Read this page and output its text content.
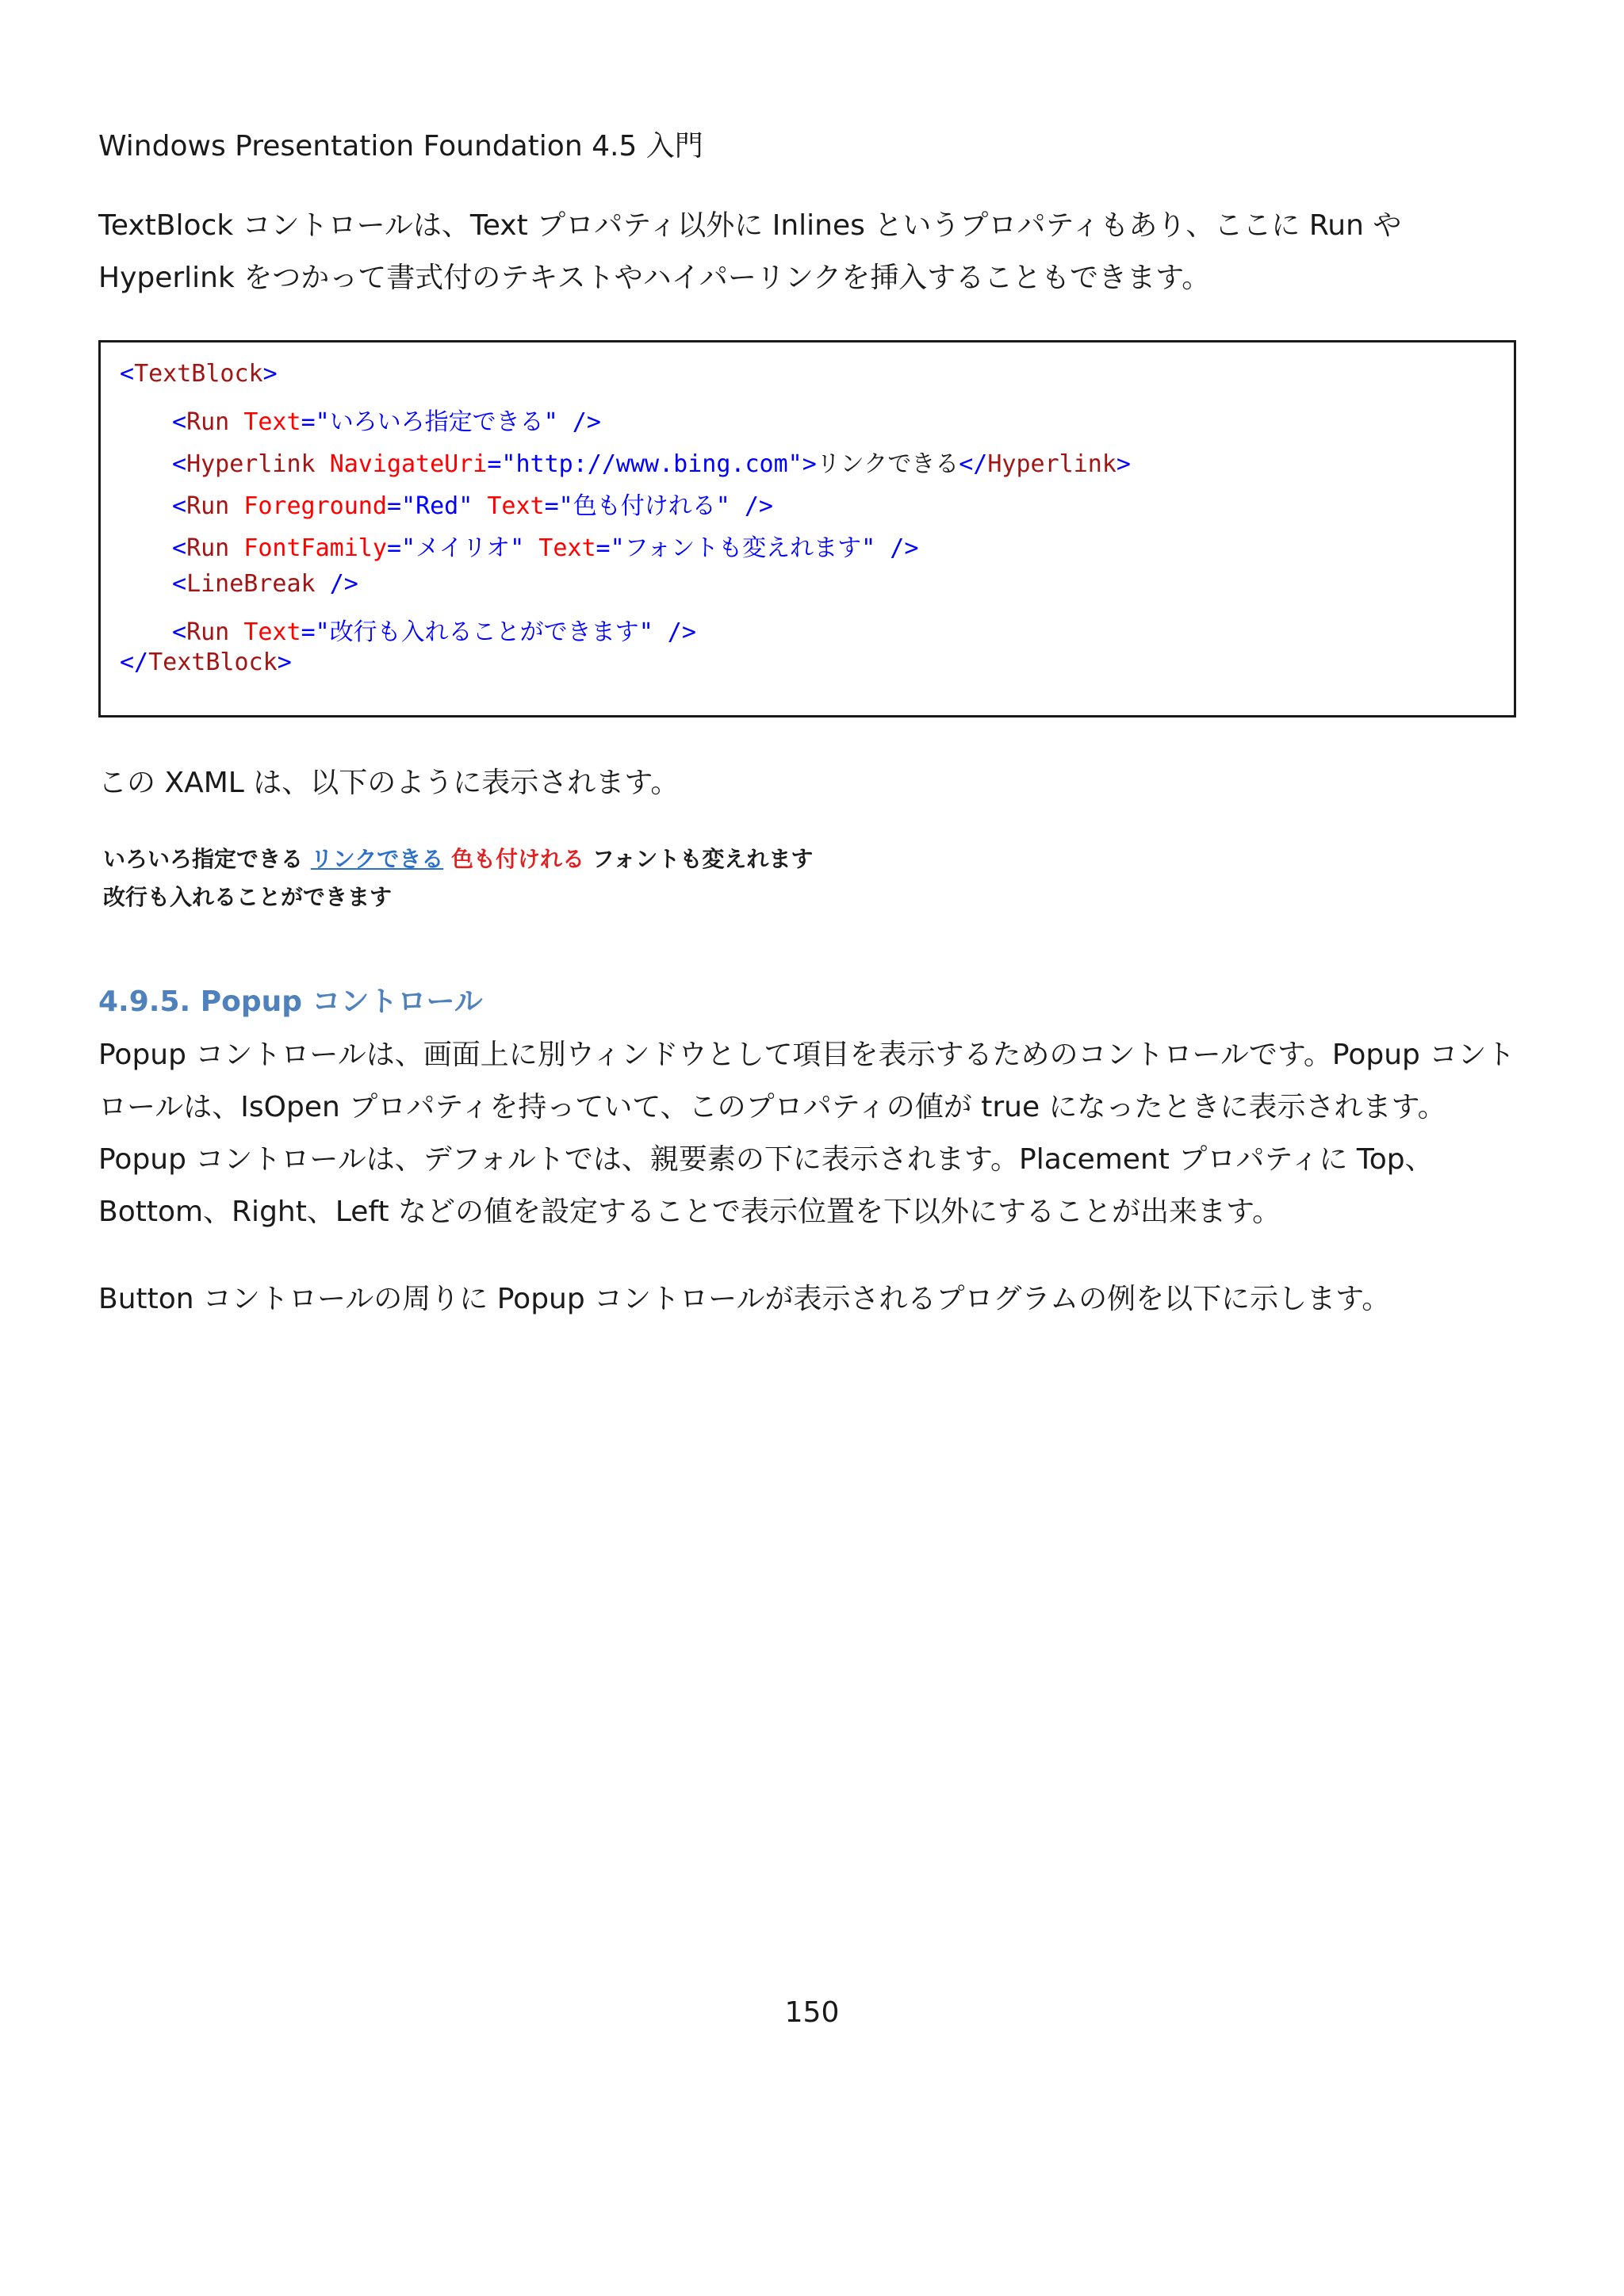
Windows Presentation Foundation 4.5 入門
TextBlock コントロールは、Text プロパティ以外に Inlines というプロパティもあり、ここに Run や Hyperlink をつかって書式付のテキストやハイパーリンクを挿入することもできます。
<TextBlock>
<Run Text="いろいろ指定できる" />
<Hyperlink NavigateUri="http://www.bing.com">リンクできる</Hyperlink>
<Run Foreground="Red" Text="色も付けれる" />
<Run FontFamily="メイリオ" Text="フォントも変えれます" />
<LineBreak />
<Run Text="改行も入れることができます" />
</TextBlock>
この XAML は、以下のように表示されます。
いろいろ指定できる リンクできる 色も付けれる フォントも変えれます
改行も入れることができます
4.9.5. Popup コントロール
Popup コントロールは、画面上に別ウィンドウとして項目を表示するためのコントロールです。Popup コントロールは、IsOpen プロパティを持っていて、このプロパティの値が true になったときに表示されます。Popup コントロールは、デフォルトでは、親要素の下に表示されます。Placement プロパティに Top、Bottom、Right、Left などの値を設定することで表示位置を下以外にすることが出来ます。
Button コントロールの周りに Popup コントロールが表示されるプログラムの例を以下に示します。
150
